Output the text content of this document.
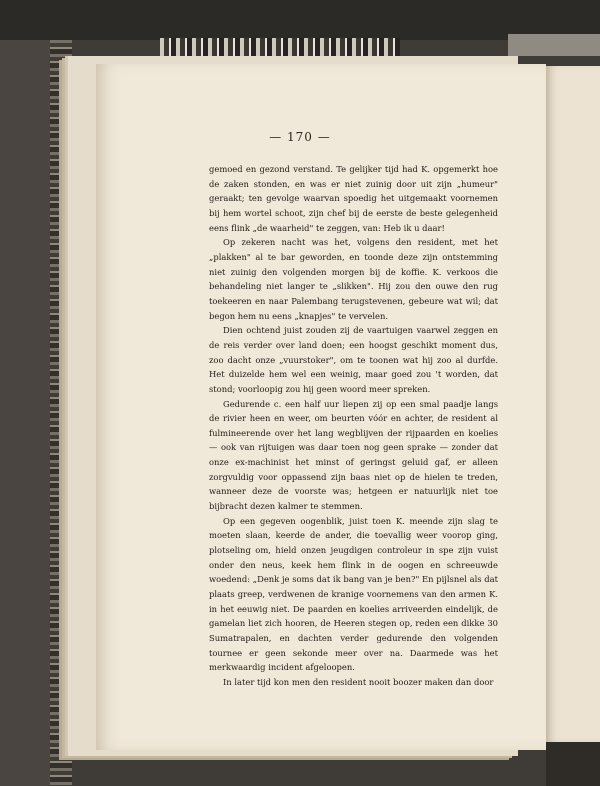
— 170 —

gemoed en gezond verstand. Te gelijker tijd had K. opgemerkt hoe de zaken stonden, en was er niet zuinig door uit zijn „humeur" geraakt; ten gevolge waarvan spoedig het uitgemaakt voornemen bij hem wortel schoot, zijn chef bij de eerste de beste gelegenheid eens flink „de waarheid" te zeggen, van: Heb ik u daar!

Op zekeren nacht was het, volgens den resident, met het „plakken" al te bar geworden, en toonde deze zijn ontstemming niet zuinig den volgenden morgen bij de koffie. K. verkoos die behandeling niet langer te „slikken". Hij zou den ouwe den rug toekeeren en naar Palembang terugstevenen, gebeure wat wil; dat begon hem nu eens „knapjes" te vervelen.

Dien ochtend juist zouden zij de vaartuigen vaarwel zeggen en de reis verder over land doen; een hoogst geschikt moment dus, zoo dacht onze „vuurstoker", om te toonen wat hij zoo al durfde. Het duizelde hem wel een weinig, maar goed zou 't worden, dat stond; voorloopig zou hij geen woord meer spreken.

Gedurende c. een half uur liepen zij op een smal paadje langs de rivier heen en weer, om beurten vóór en achter, de resident al fulmineerende over het lang wegblijven der rijpaarden en koelies — ook van rijtuigen was daar toen nog geen sprake — zonder dat onze ex-machinist het minst of geringst geluid gaf, er alleen zorgvuldig voor oppassend zijn baas niet op de hielen te treden, wanneer deze de voorste was; hetgeen er natuurlijk niet toe bijbracht dezen kalmer te stemmen.

Op een gegeven oogenblik, juist toen K. meende zijn slag te moeten slaan, keerde de ander, die toevallig weer voorop ging, plotseling om, hield onzen jeugdigen controleur in spe zijn vuist onder den neus, keek hem flink in de oogen en schreeuwde woedend: „Denk je soms dat ik bang van je ben?" En pijlsnel als dat plaats greep, verdwenen de kranige voornemens van den armen K. in het eeuwig niet. De paarden en koelies arriveerden eindelijk, de gamelan liet zich hooren, de Heeren stegen op, reden een dikke 30 Sumatrapalen, en dachten verder gedurende den volgenden tournee er geen sekonde meer over na. Daarmede was het merkwaardig incident afgeloopen.

In later tijd kon men den resident nooit boozer maken dan door
